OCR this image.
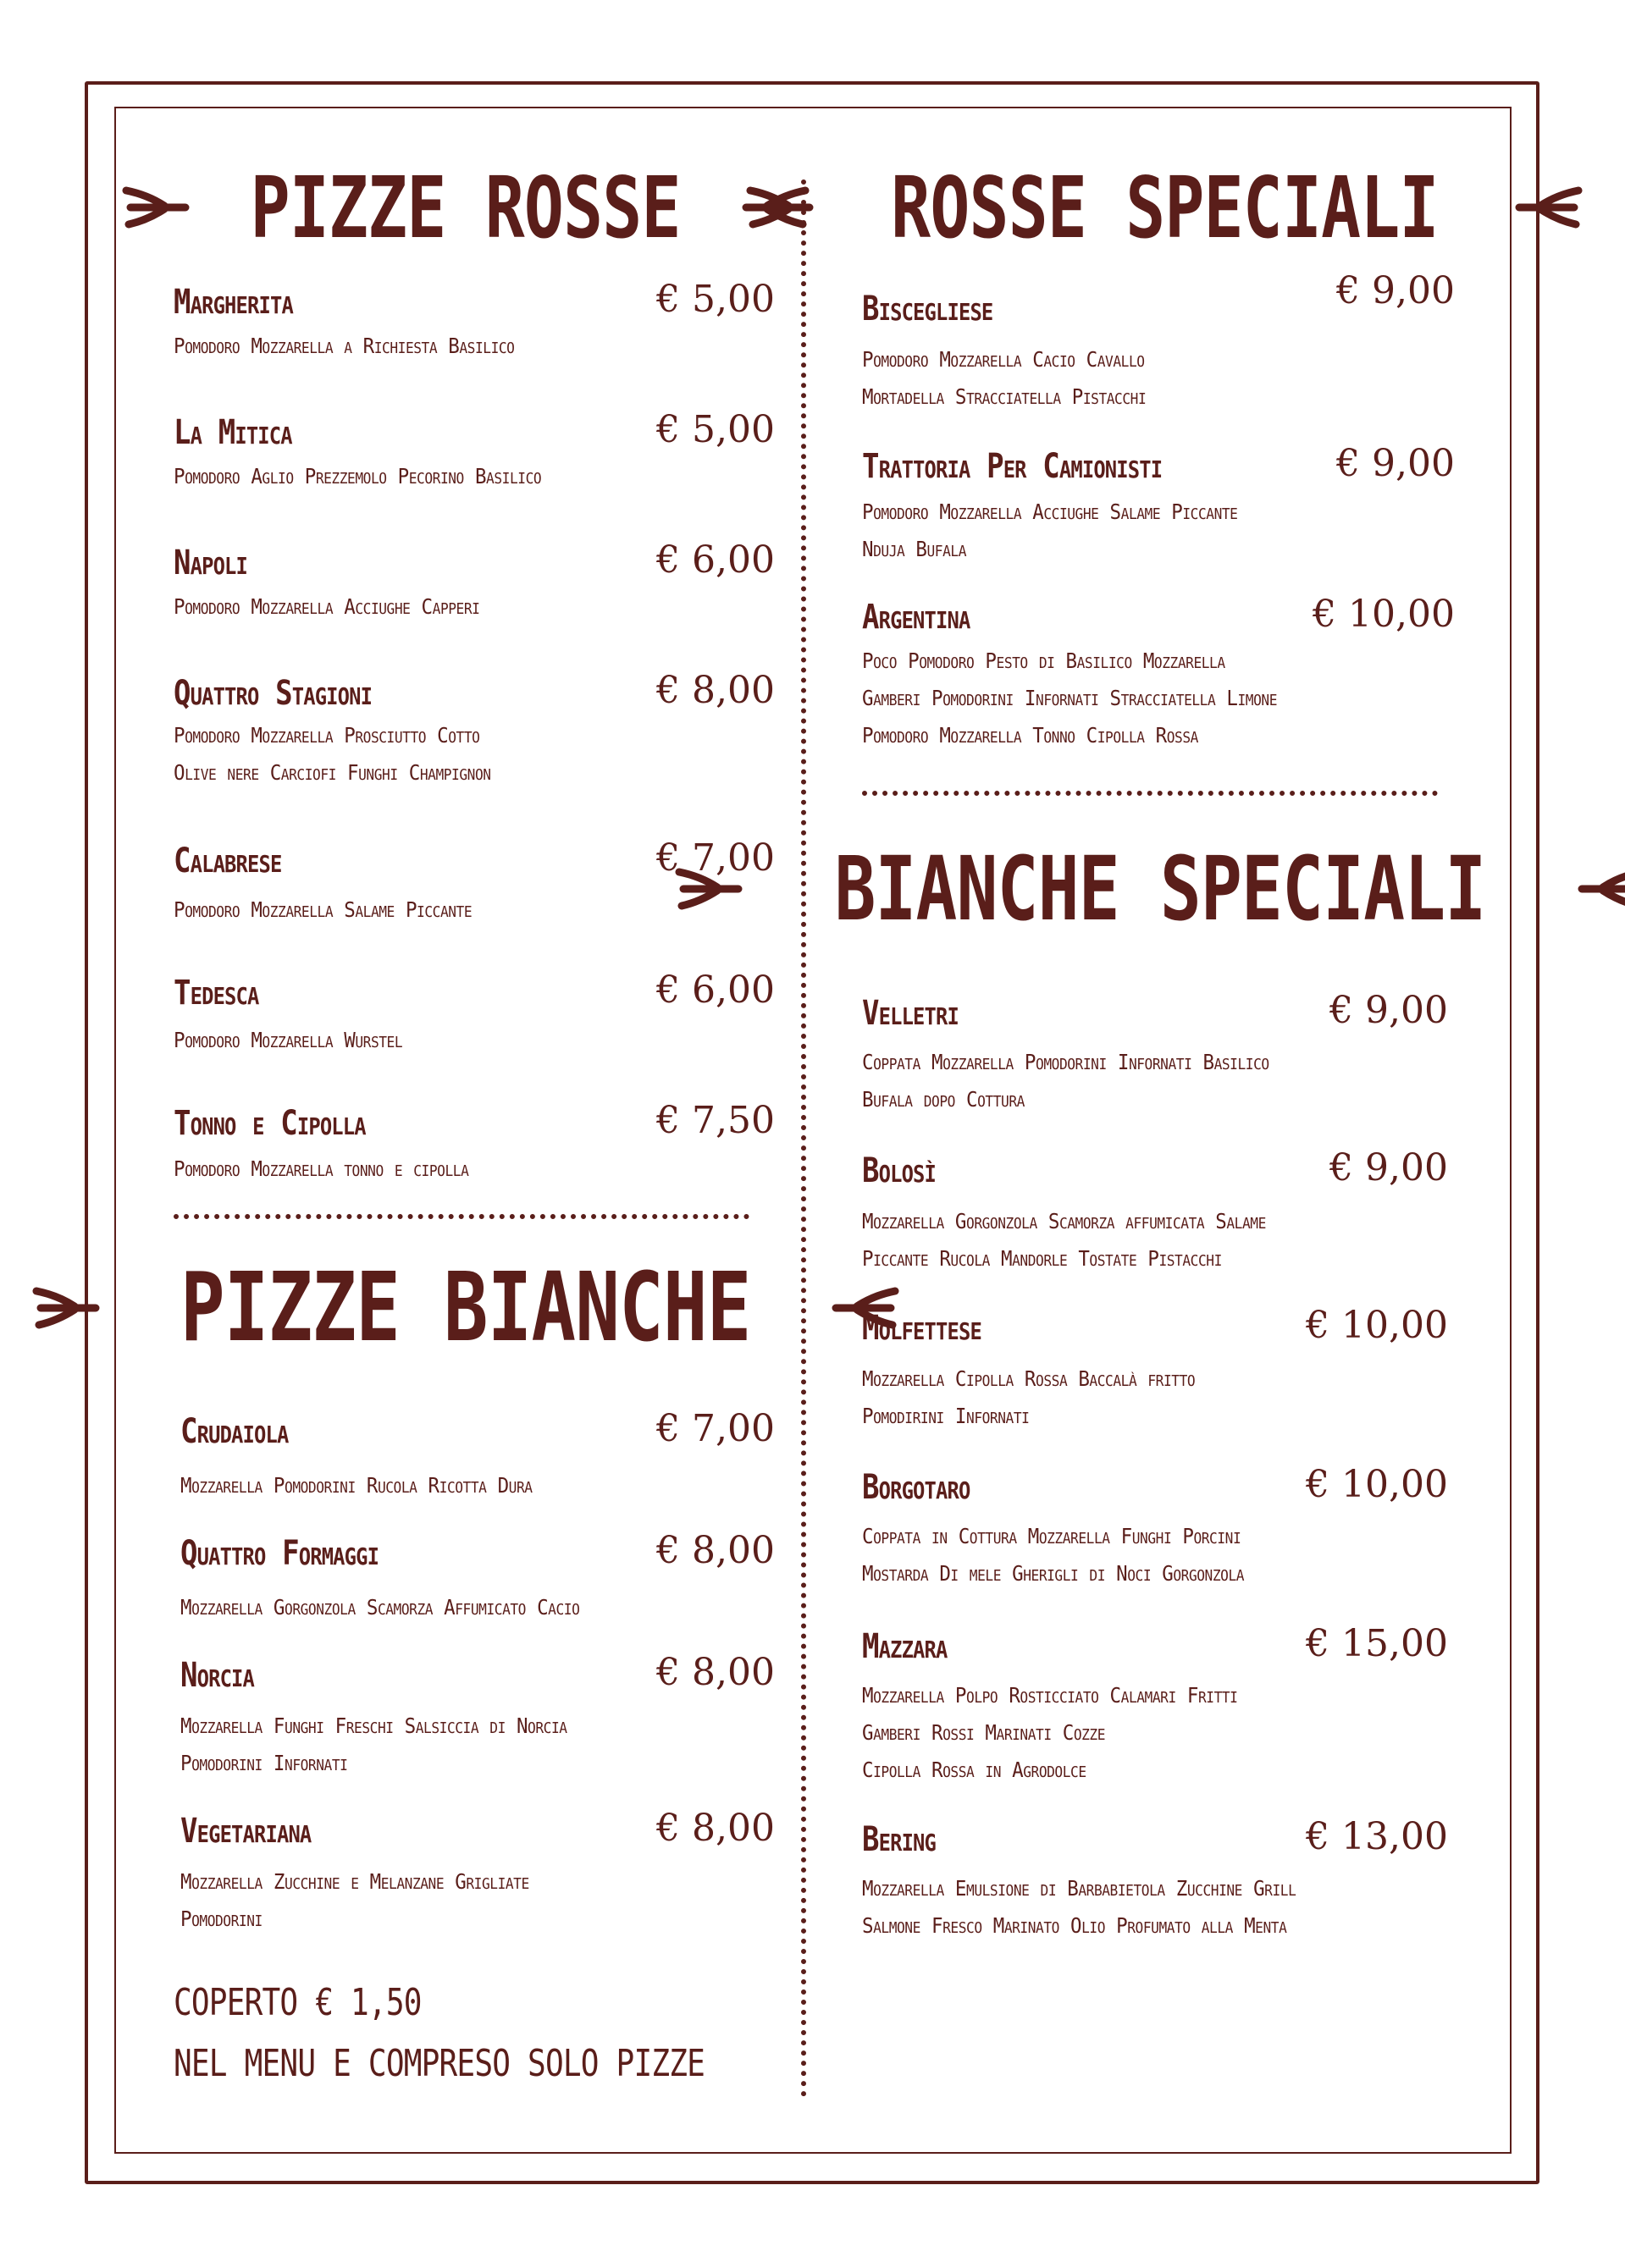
PIZZE ROSSE ROSSE SPECIALI
BIANCHE SPECIALI
PIZZE BIANCHE
Margherita	€ 5,00
Pomodoro Mozzarella a Richiesta Basilico
La Mitica	€ 5,00
Pomodoro Aglio Prezzemolo Pecorino Basilico
Napoli	€ 6,00
Pomodoro Mozzarella Acciughe Capperi
Quattro Stagioni	€ 8,00
Pomodoro Mozzarella Prosciutto Cotto
Olive nere Carciofi Funghi Champignon
Calabrese	€ 7,00
Pomodoro Mozzarella Salame Piccante
Tedesca	€ 6,00
Pomodoro Mozzarella Wurstel
Tonno e Cipolla	€ 7,50
Pomodoro Mozzarella tonno e cipolla
Crudaiola	€ 7,00
Mozzarella Pomodorini Rucola Ricotta Dura
Quattro Formaggi	€ 8,00
Mozzarella Gorgonzola Scamorza Affumicato Cacio
Norcia	€ 8,00
Mozzarella Funghi Freschi Salsiccia di Norcia
Pomodorini Infornati
Vegetariana	€ 8,00
Mozzarella Zucchine e Melanzane Grigliate
Pomodorini
Biscegliese	€ 9,00
Pomodoro Mozzarella Cacio Cavallo
Mortadella Stracciatella Pistacchi
Trattoria Per Camionisti	€ 9,00
Pomodoro Mozzarella Acciughe Salame Piccante
Nduja Bufala
Argentina	€ 10,00
Poco Pomodoro Pesto di Basilico Mozzarella
Gamberi Pomodorini Infornati Stracciatella Limone
Pomodoro Mozzarella Tonno Cipolla Rossa
Velletri	€ 9,00
Coppata Mozzarella Pomodorini Infornati Basilico
Bufala dopo Cottura
Bolosì	€ 9,00
Mozzarella Gorgonzola Scamorza affumicata Salame
Piccante Rucola Mandorle Tostate Pistacchi
Molfettese	€ 10,00
Mozzarella Cipolla Rossa Baccalà fritto
Pomodirini Infornati
Borgotaro	€ 10,00
Coppata in Cottura Mozzarella Funghi Porcini
Mostarda Di mele Gherigli di Noci Gorgonzola
Mazzara	€ 15,00
Mozzarella Polpo Rosticciato Calamari Fritti
Gamberi Rossi Marinati Cozze
Cipolla Rossa in Agrodolce
Bering	€ 13,00
Mozzarella Emulsione di Barbabietola Zucchine Grill
Salmone Fresco Marinato Olio Profumato alla Menta
COPERTO € 1,50
NEL MENU E COMPRESO SOLO PIZZE
